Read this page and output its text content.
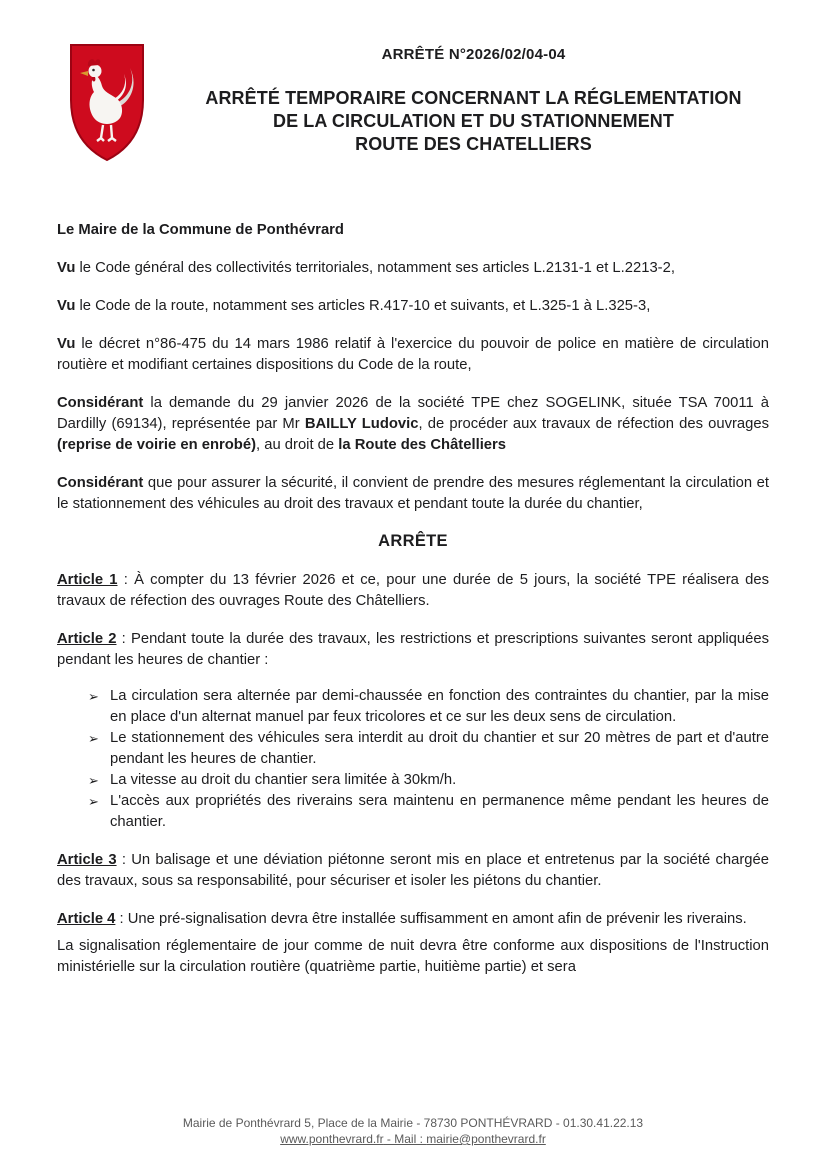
ARRÊTÉ N°2026/02/04-04
ARRÊTÉ TEMPORAIRE CONCERNANT LA RÉGLEMENTATION
DE LA CIRCULATION ET DU STATIONNEMENT
ROUTE DES CHATELLIERS

Le Maire de la Commune de Ponthévrard

Vu le Code général des collectivités territoriales, notamment ses articles L.2131-1 et L.2213-2,

Vu le Code de la route, notamment ses articles R.417-10 et suivants, et L.325-1 à L.325-3,

Vu le décret n°86-475 du 14 mars 1986 relatif à l'exercice du pouvoir de police en matière de circulation routière et modifiant certaines dispositions du Code de la route,

Considérant la demande du 29 janvier 2026 de la société TPE chez SOGELINK, située TSA 70011 à Dardilly (69134), représentée par Mr BAILLY Ludovic, de procéder aux travaux de réfection des ouvrages (reprise de voirie en enrobé), au droit de la Route des Châtelliers

Considérant que pour assurer la sécurité, il convient de prendre des mesures réglementant la circulation et le stationnement des véhicules au droit des travaux et pendant toute la durée du chantier,

ARRÊTE

Article 1 : À compter du 13 février 2026 et ce, pour une durée de 5 jours, la société TPE réalisera des travaux de réfection des ouvrages Route des Châtelliers.

Article 2 : Pendant toute la durée des travaux, les restrictions et prescriptions suivantes seront appliquées pendant les heures de chantier :

➢ La circulation sera alternée par demi-chaussée en fonction des contraintes du chantier, par la mise en place d'un alternat manuel par feux tricolores et ce sur les deux sens de circulation.
➢ Le stationnement des véhicules sera interdit au droit du chantier et sur 20 mètres de part et d'autre pendant les heures de chantier.
➢ La vitesse au droit du chantier sera limitée à 30km/h.
➢ L'accès aux propriétés des riverains sera maintenu en permanence même pendant les heures de chantier.

Article 3 : Un balisage et une déviation piétonne seront mis en place et entretenus par la société chargée des travaux, sous sa responsabilité, pour sécuriser et isoler les piétons du chantier.

Article 4 : Une pré-signalisation devra être installée suffisamment en amont afin de prévenir les riverains.

La signalisation réglementaire de jour comme de nuit devra être conforme aux dispositions de l'Instruction ministérielle sur la circulation routière (quatrième partie, huitième partie) et sera

Mairie de Ponthévrard 5, Place de la Mairie - 78730 PONTHÉVRARD - 01.30.41.22.13
www.ponthevrard.fr - Mail : mairie@ponthevrard.fr
